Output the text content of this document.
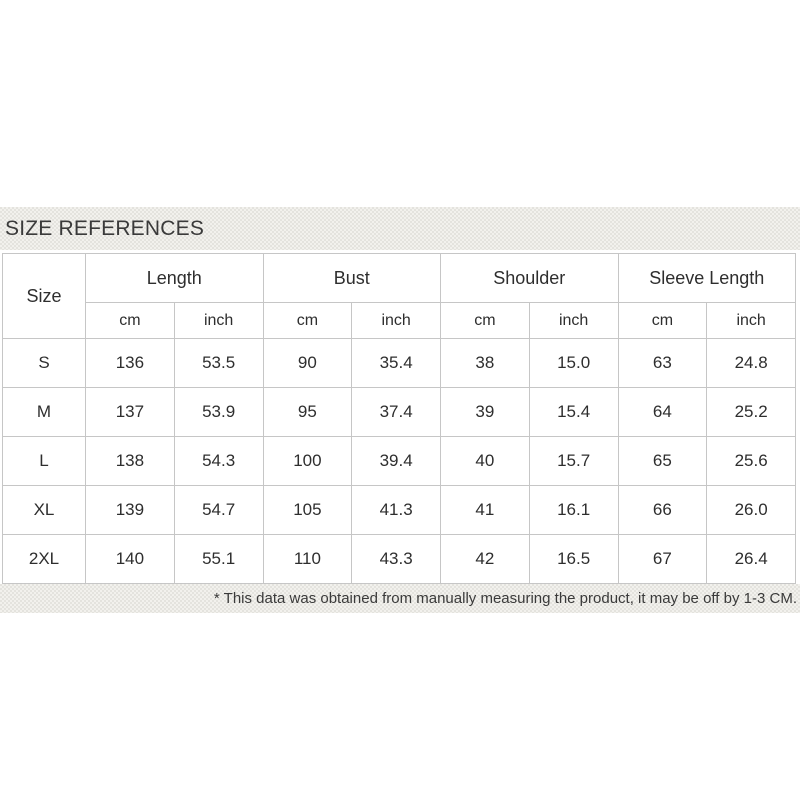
SIZE REFERENCES
Size	Length		Bust		Shoulder		Sleeve Length	
	cm	inch	cm	inch	cm	inch	cm	inch
S	136	53.5	90	35.4	38	15.0	63	24.8
M	137	53.9	95	37.4	39	15.4	64	25.2
L	138	54.3	100	39.4	40	15.7	65	25.6
XL	139	54.7	105	41.3	41	16.1	66	26.0
2XL	140	55.1	110	43.3	42	16.5	67	26.4
* This data was obtained from manually measuring the product, it may be off by 1-3 CM.
